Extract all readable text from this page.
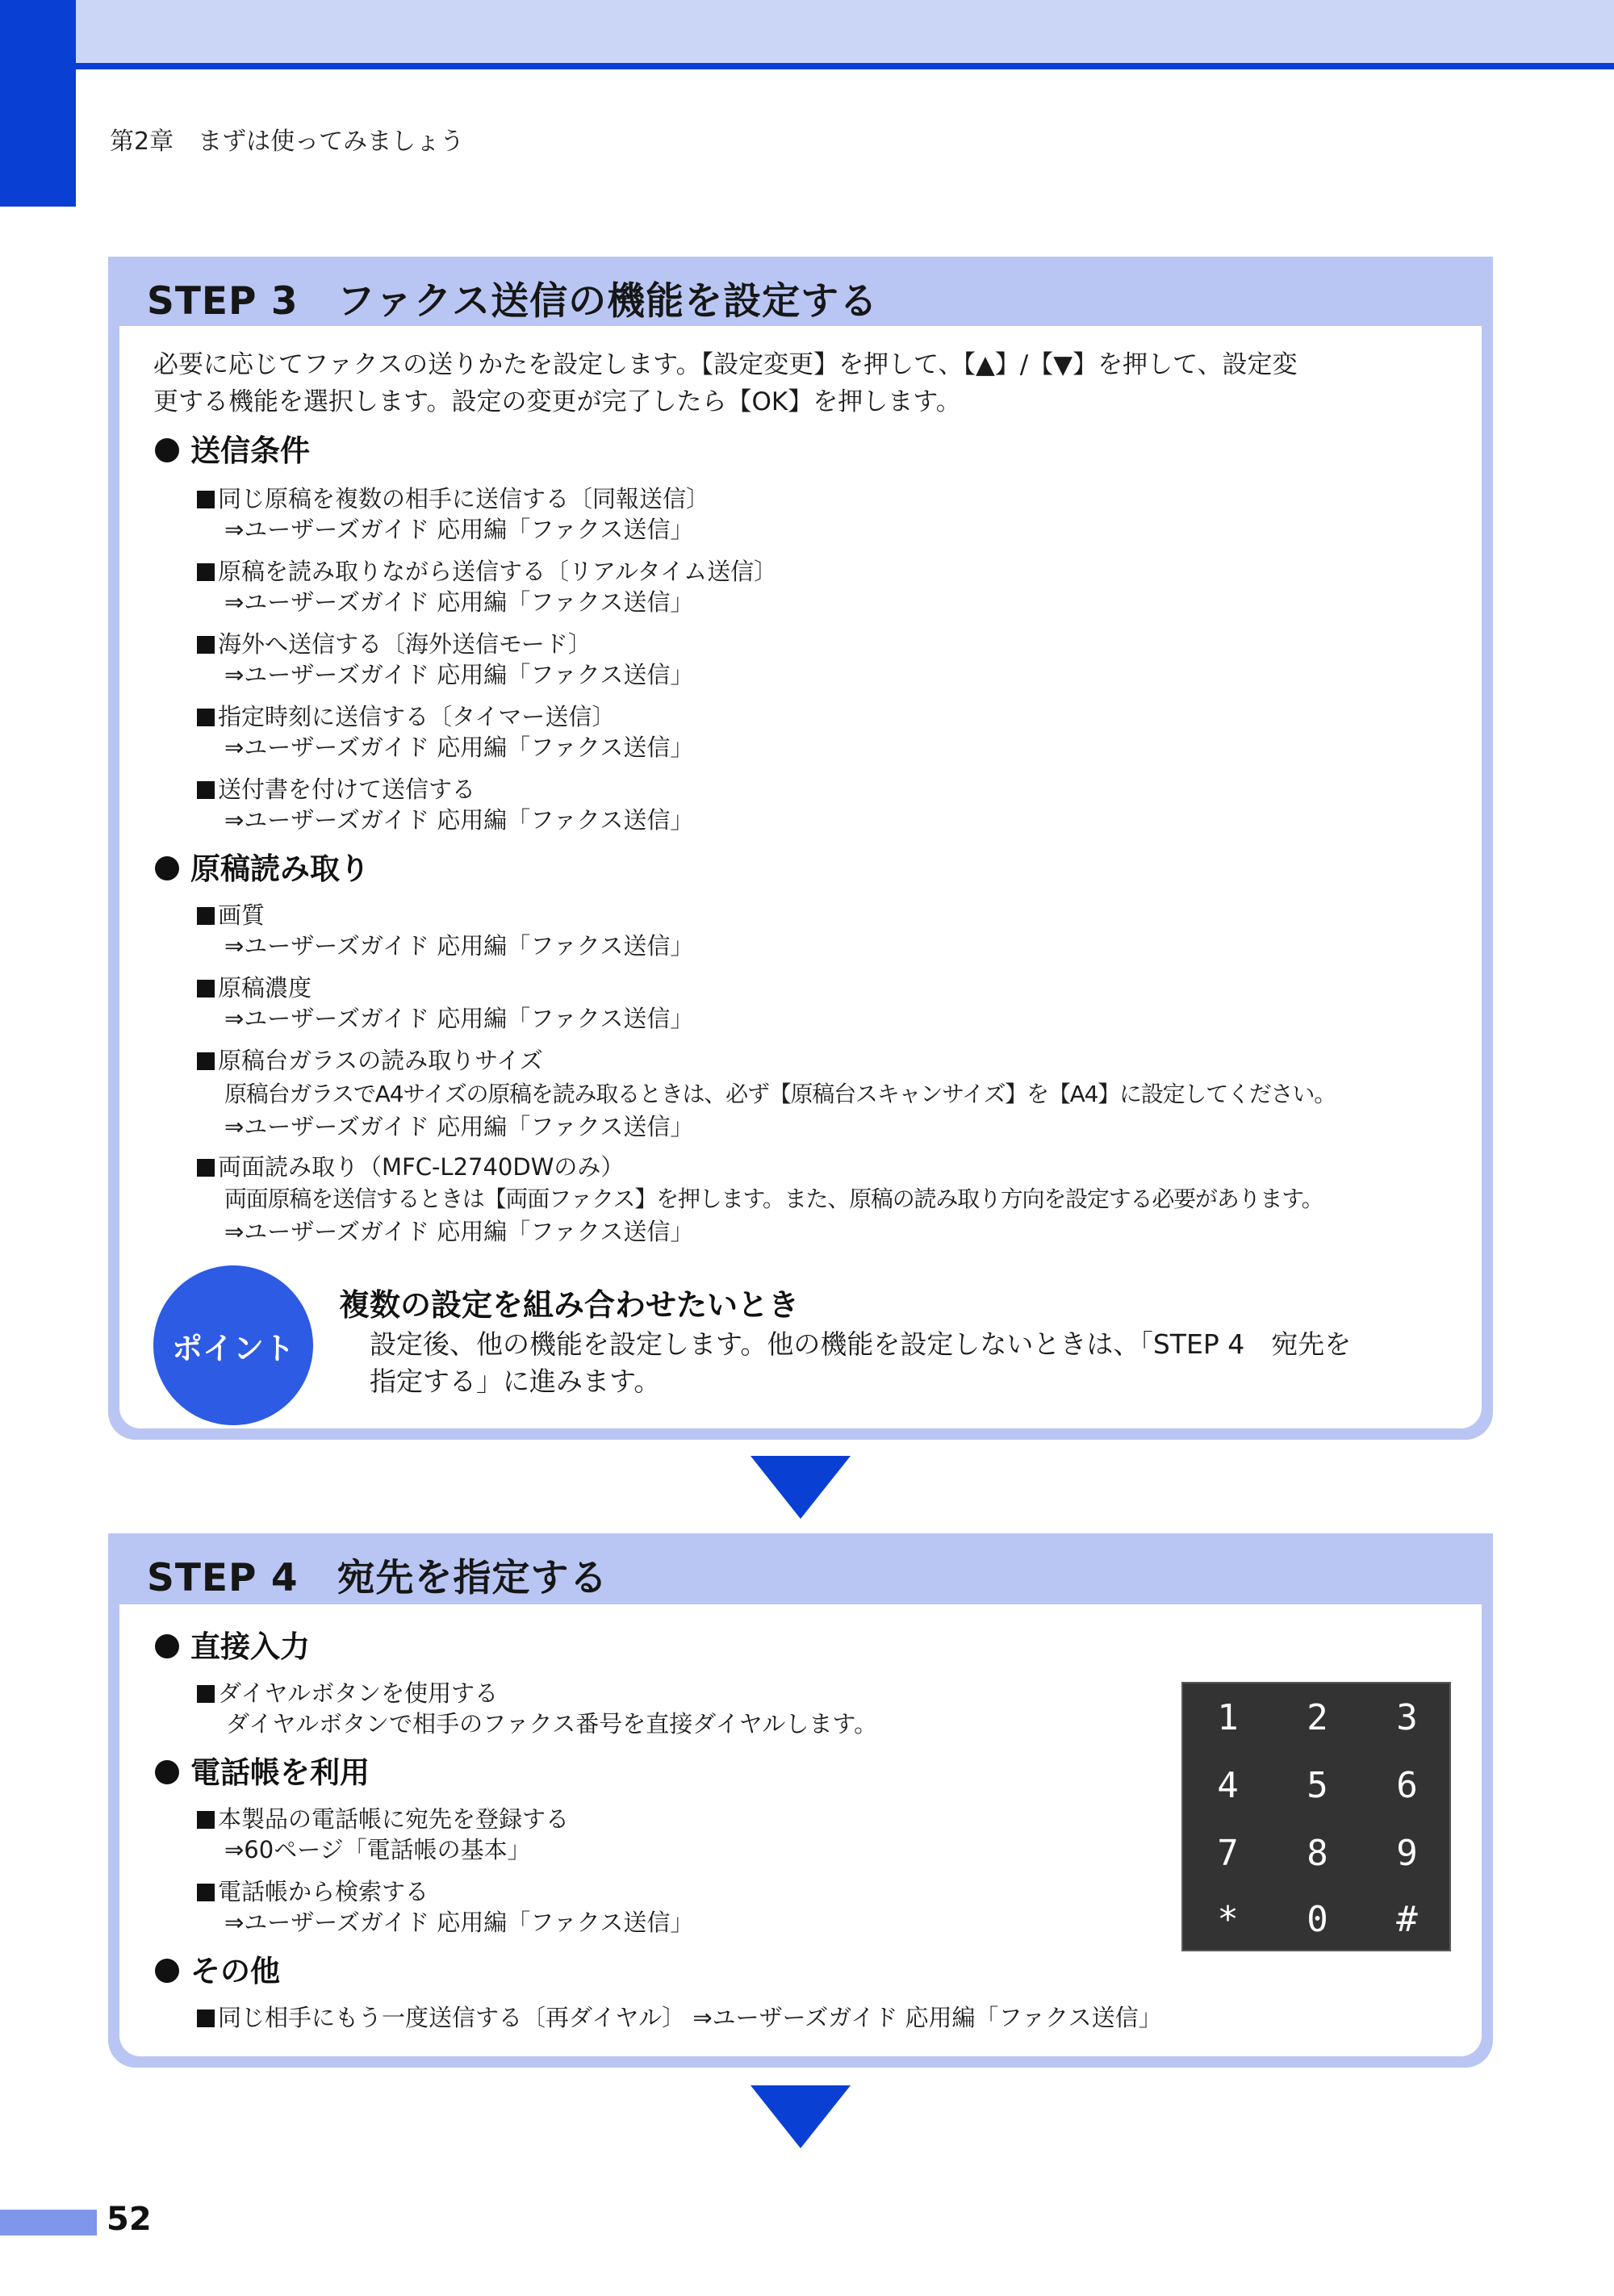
第2章　まずは使ってみましょう
STEP 3　ファクス送信の機能を設定する
必要に応じてファクスの送りかたを設定します。【設定変更】を押して、【▲】/【▼】を押して、設定変
更する機能を選択します。設定の変更が完了したら【OK】を押します。
送信条件
同じ原稿を複数の相手に送信する〔同報送信〕
⇒ユーザーズガイド 応用編「ファクス送信」
原稿を読み取りながら送信する〔リアルタイム送信〕
⇒ユーザーズガイド 応用編「ファクス送信」
海外へ送信する〔海外送信モード〕
⇒ユーザーズガイド 応用編「ファクス送信」
指定時刻に送信する〔タイマー送信〕
⇒ユーザーズガイド 応用編「ファクス送信」
送付書を付けて送信する
⇒ユーザーズガイド 応用編「ファクス送信」
原稿読み取り
画質
⇒ユーザーズガイド 応用編「ファクス送信」
原稿濃度
⇒ユーザーズガイド 応用編「ファクス送信」
原稿台ガラスの読み取りサイズ
原稿台ガラスでA4サイズの原稿を読み取るときは、必ず【原稿台スキャンサイズ】を【A4】に設定してください。
⇒ユーザーズガイド 応用編「ファクス送信」
両面読み取り（MFC-L2740DWのみ）
両面原稿を送信するときは【両面ファクス】を押します。また、原稿の読み取り方向を設定する必要があります。
⇒ユーザーズガイド 応用編「ファクス送信」
ポイント
複数の設定を組み合わせたいとき
設定後、他の機能を設定します。他の機能を設定しないときは、「STEP 4　宛先を
指定する」に進みます。
STEP 4　宛先を指定する
直接入力
ダイヤルボタンを使用する
ダイヤルボタンで相手のファクス番号を直接ダイヤルします。
電話帳を利用
本製品の電話帳に宛先を登録する
⇒60ページ「電話帳の基本」
電話帳から検索する
⇒ユーザーズガイド 応用編「ファクス送信」
その他
同じ相手にもう一度送信する〔再ダイヤル〕 ⇒ユーザーズガイド 応用編「ファクス送信」
1	2	3
4	5	6
7	8	9
*	0	#
52
